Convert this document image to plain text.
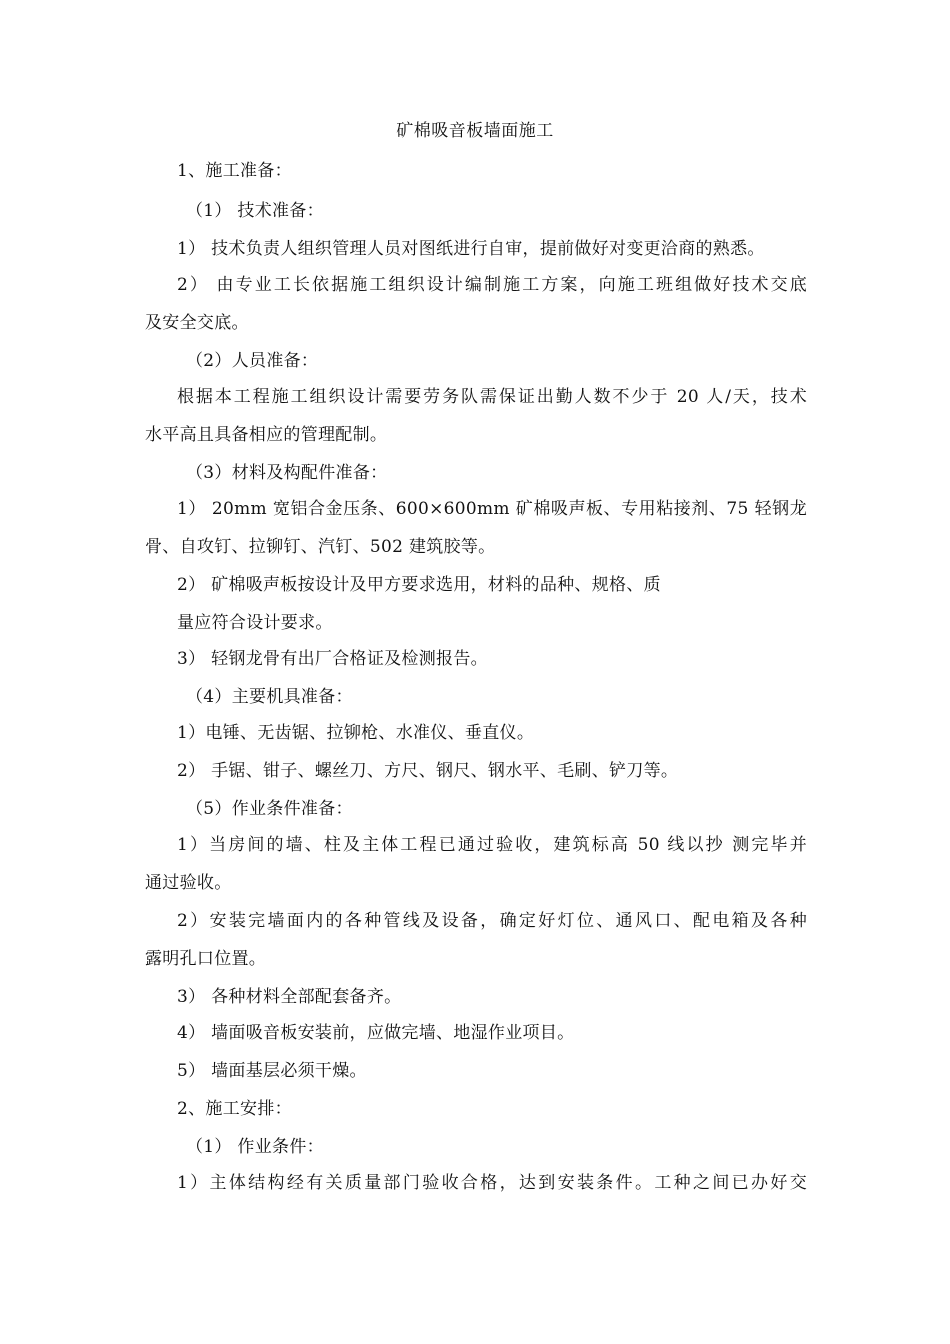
矿棉吸音板墙面施工
1、施工准备：
（1） 技术准备：
1） 技术负责人组织管理人员对图纸进行自审，提前做好对变更洽商的熟悉。
2） 由专业工长依据施工组织设计编制施工方案，向施工班组做好技术交底
及安全交底。
（2）人员准备：
根据本工程施工组织设计需要劳务队需保证出勤人数不少于 20 人/天，技术
水平高且具备相应的管理配制。
（3）材料及构配件准备：
1） 20mm 宽铝合金压条、600×600mm 矿棉吸声板、专用粘接剂、75 轻钢龙
骨、自攻钉、拉铆钉、汽钉、502 建筑胶等。
2） 矿棉吸声板按设计及甲方要求选用，材料的品种、规格、质
量应符合设计要求。
3） 轻钢龙骨有出厂合格证及检测报告。
（4）主要机具准备：
1）电锤、无齿锯、拉铆枪、水准仪、垂直仪。
2） 手锯、钳子、螺丝刀、方尺、钢尺、钢水平、毛刷、铲刀等。
（5）作业条件准备：
1）当房间的墙、柱及主体工程已通过验收，建筑标高 50 线以抄 测完毕并
通过验收。
2）安装完墙面内的各种管线及设备，确定好灯位、通风口、配电箱及各种
露明孔口位置。
3） 各种材料全部配套备齐。
4） 墙面吸音板安装前，应做完墙、地湿作业项目。
5） 墙面基层必须干燥。
2、施工安排：
（1） 作业条件：
1）主体结构经有关质量部门验收合格，达到安装条件。工种之间已办好交
